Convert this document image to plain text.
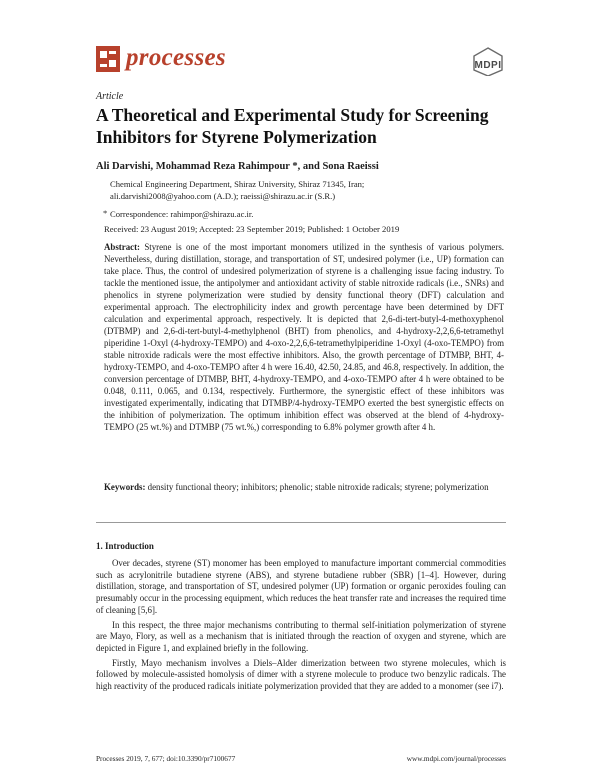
processes	MDPI
Article
A Theoretical and Experimental Study for Screening Inhibitors for Styrene Polymerization
Ali Darvishi, Mohammad Reza Rahimpour *, and Sona Raeissi
Chemical Engineering Department, Shiraz University, Shiraz 71345, Iran;
ali.darvishi2008@yahoo.com (A.D.); raeissi@shirazu.ac.ir (S.R.)
* Correspondence: rahimpor@shirazu.ac.ir.
Received: 23 August 2019; Accepted: 23 September 2019; Published: 1 October 2019
Abstract: Styrene is one of the most important monomers utilized in the synthesis of various polymers. Nevertheless, during distillation, storage, and transportation of ST, undesired polymer (i.e., UP) formation can take place. Thus, the control of undesired polymerization of styrene is a challenging issue facing industry. To tackle the mentioned issue, the antipolymer and antioxidant activity of stable nitroxide radicals (i.e., SNRs) and phenolics in styrene polymerization were studied by density functional theory (DFT) calculation and experimental approach. The electrophilicity index and growth percentage have been determined by DFT calculation and experimental approach, respectively. It is depicted that 2,6-di-tert-butyl-4-methoxyphenol (DTBMP) and 2,6-di-tert-butyl-4-methylphenol (BHT) from phenolics, and 4-hydroxy-2,2,6,6-tetramethyl piperidine 1-Oxyl (4-hydroxy-TEMPO) and 4-oxo-2,2,6,6-tetramethylpiperidine 1-Oxyl (4-oxo-TEMPO) from stable nitroxide radicals were the most effective inhibitors. Also, the growth percentage of DTMBP, BHT, 4-hydroxy-TEMPO, and 4-oxo-TEMPO after 4 h were 16.40, 42.50, 24.85, and 46.8, respectively. In addition, the conversion percentage of DTMBP, BHT, 4-hydroxy-TEMPO, and 4-oxo-TEMPO after 4 h were obtained to be 0.048, 0.111, 0.065, and 0.134, respectively. Furthermore, the synergistic effect of these inhibitors was investigated experimentally, indicating that DTMBP/4-hydroxy-TEMPO exerted the best synergistic effects on the inhibition of polymerization. The optimum inhibition effect was observed at the blend of 4-hydroxy-TEMPO (25 wt.%) and DTMBP (75 wt.%,) corresponding to 6.8% polymer growth after 4 h.
Keywords: density functional theory; inhibitors; phenolic; stable nitroxide radicals; styrene; polymerization
1. Introduction

Over decades, styrene (ST) monomer has been employed to manufacture important commercial commodities such as acrylonitrile butadiene styrene (ABS), and styrene butadiene rubber (SBR) [1–4]. However, during distillation, storage, and transportation of ST, undesired polymer (UP) formation or organic peroxides fouling can presumably occur in the processing equipment, which reduces the heat transfer rate and increases the required time of cleaning [5,6].

In this respect, the three major mechanisms contributing to thermal self-initiation polymerization of styrene are Mayo, Flory, as well as a mechanism that is initiated through the reaction of oxygen and styrene, which are depicted in Figure 1, and explained briefly in the following.

Firstly, Mayo mechanism involves a Diels–Alder dimerization between two styrene molecules, which is followed by molecule-assisted homolysis of dimer with a styrene molecule to produce two benzylic radicals. The high reactivity of the produced radicals initiate polymerization provided that they are added to a monomer (see i7).

Processes 2019, 7, 677; doi:10.3390/pr7100677	www.mdpi.com/journal/processes
